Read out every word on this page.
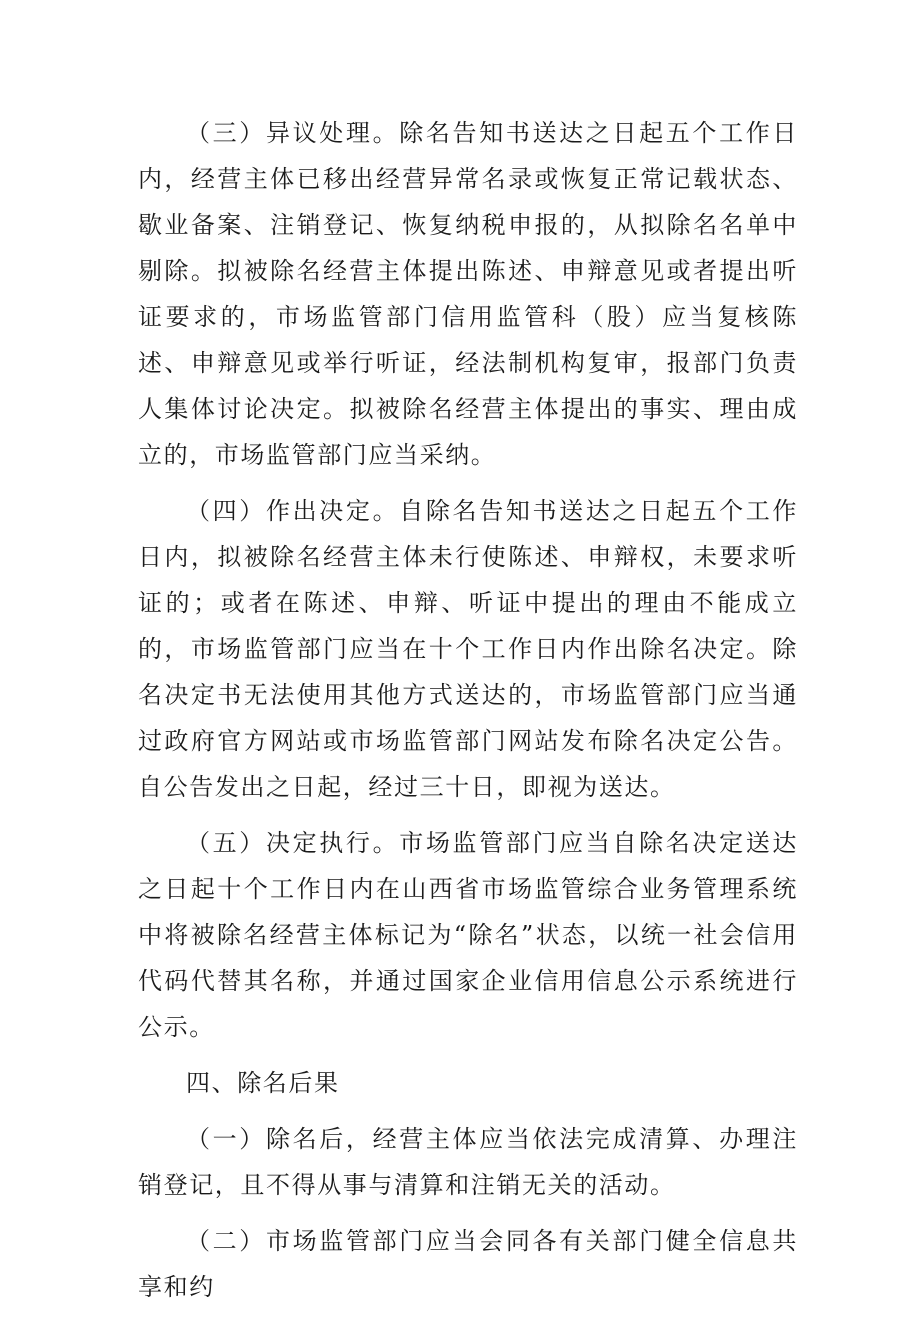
（三）异议处理。除名告知书送达之日起五个工作日内，经营主体已移出经营异常名录或恢复正常记载状态、歇业备案、注销登记、恢复纳税申报的，从拟除名名单中剔除。拟被除名经营主体提出陈述、申辩意见或者提出听证要求的，市场监管部门信用监管科（股）应当复核陈述、申辩意见或举行听证，经法制机构复审，报部门负责人集体讨论决定。拟被除名经营主体提出的事实、理由成立的，市场监管部门应当采纳。

（四）作出决定。自除名告知书送达之日起五个工作日内，拟被除名经营主体未行使陈述、申辩权，未要求听证的；或者在陈述、申辩、听证中提出的理由不能成立的，市场监管部门应当在十个工作日内作出除名决定。除名决定书无法使用其他方式送达的，市场监管部门应当通过政府官方网站或市场监管部门网站发布除名决定公告。自公告发出之日起，经过三十日，即视为送达。

（五）决定执行。市场监管部门应当自除名决定送达之日起十个工作日内在山西省市场监管综合业务管理系统中将被除名经营主体标记为“除名”状态，以统一社会信用代码代替其名称，并通过国家企业信用信息公示系统进行公示。

四、除名后果

（一）除名后，经营主体应当依法完成清算、办理注销登记，且不得从事与清算和注销无关的活动。

（二）市场监管部门应当会同各有关部门健全信息共享和约
